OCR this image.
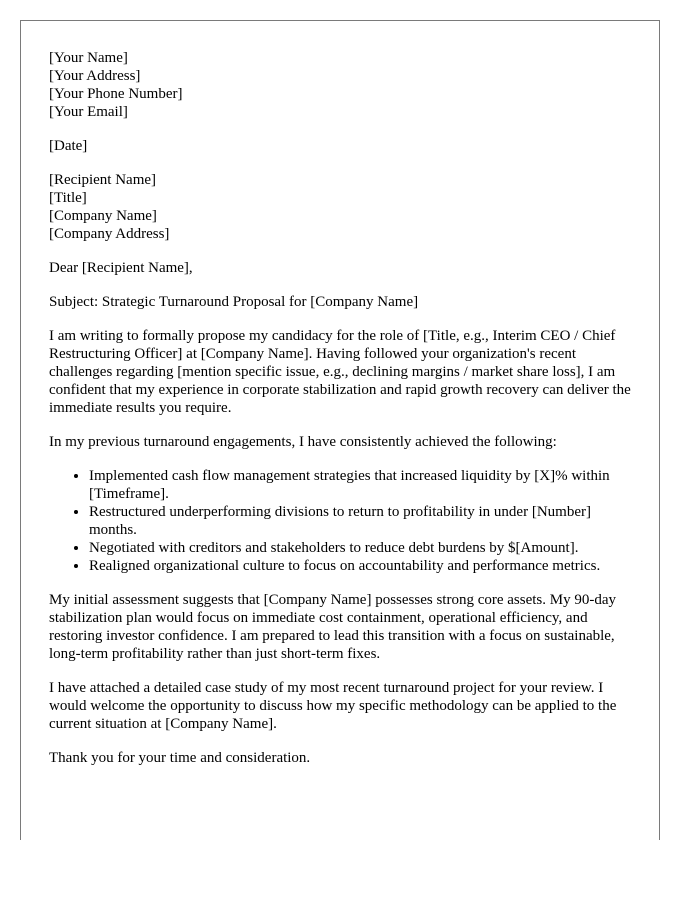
[Your Name]
[Your Address]
[Your Phone Number]
[Your Email]

[Date]

[Recipient Name]
[Title]
[Company Name]
[Company Address]

Dear [Recipient Name],

Subject: Strategic Turnaround Proposal for [Company Name]

I am writing to formally propose my candidacy for the role of [Title, e.g., Interim CEO / Chief Restructuring Officer] at [Company Name]. Having followed your organization's recent challenges regarding [mention specific issue, e.g., declining margins / market share loss], I am confident that my experience in corporate stabilization and rapid growth recovery can deliver the immediate results you require.

In my previous turnaround engagements, I have consistently achieved the following:

• Implemented cash flow management strategies that increased liquidity by [X]% within [Timeframe].
• Restructured underperforming divisions to return to profitability in under [Number] months.
• Negotiated with creditors and stakeholders to reduce debt burdens by $[Amount].
• Realigned organizational culture to focus on accountability and performance metrics.

My initial assessment suggests that [Company Name] possesses strong core assets. My 90-day stabilization plan would focus on immediate cost containment, operational efficiency, and restoring investor confidence. I am prepared to lead this transition with a focus on sustainable, long-term profitability rather than just short-term fixes.

I have attached a detailed case study of my most recent turnaround project for your review. I would welcome the opportunity to discuss how my specific methodology can be applied to the current situation at [Company Name].

Thank you for your time and consideration.
